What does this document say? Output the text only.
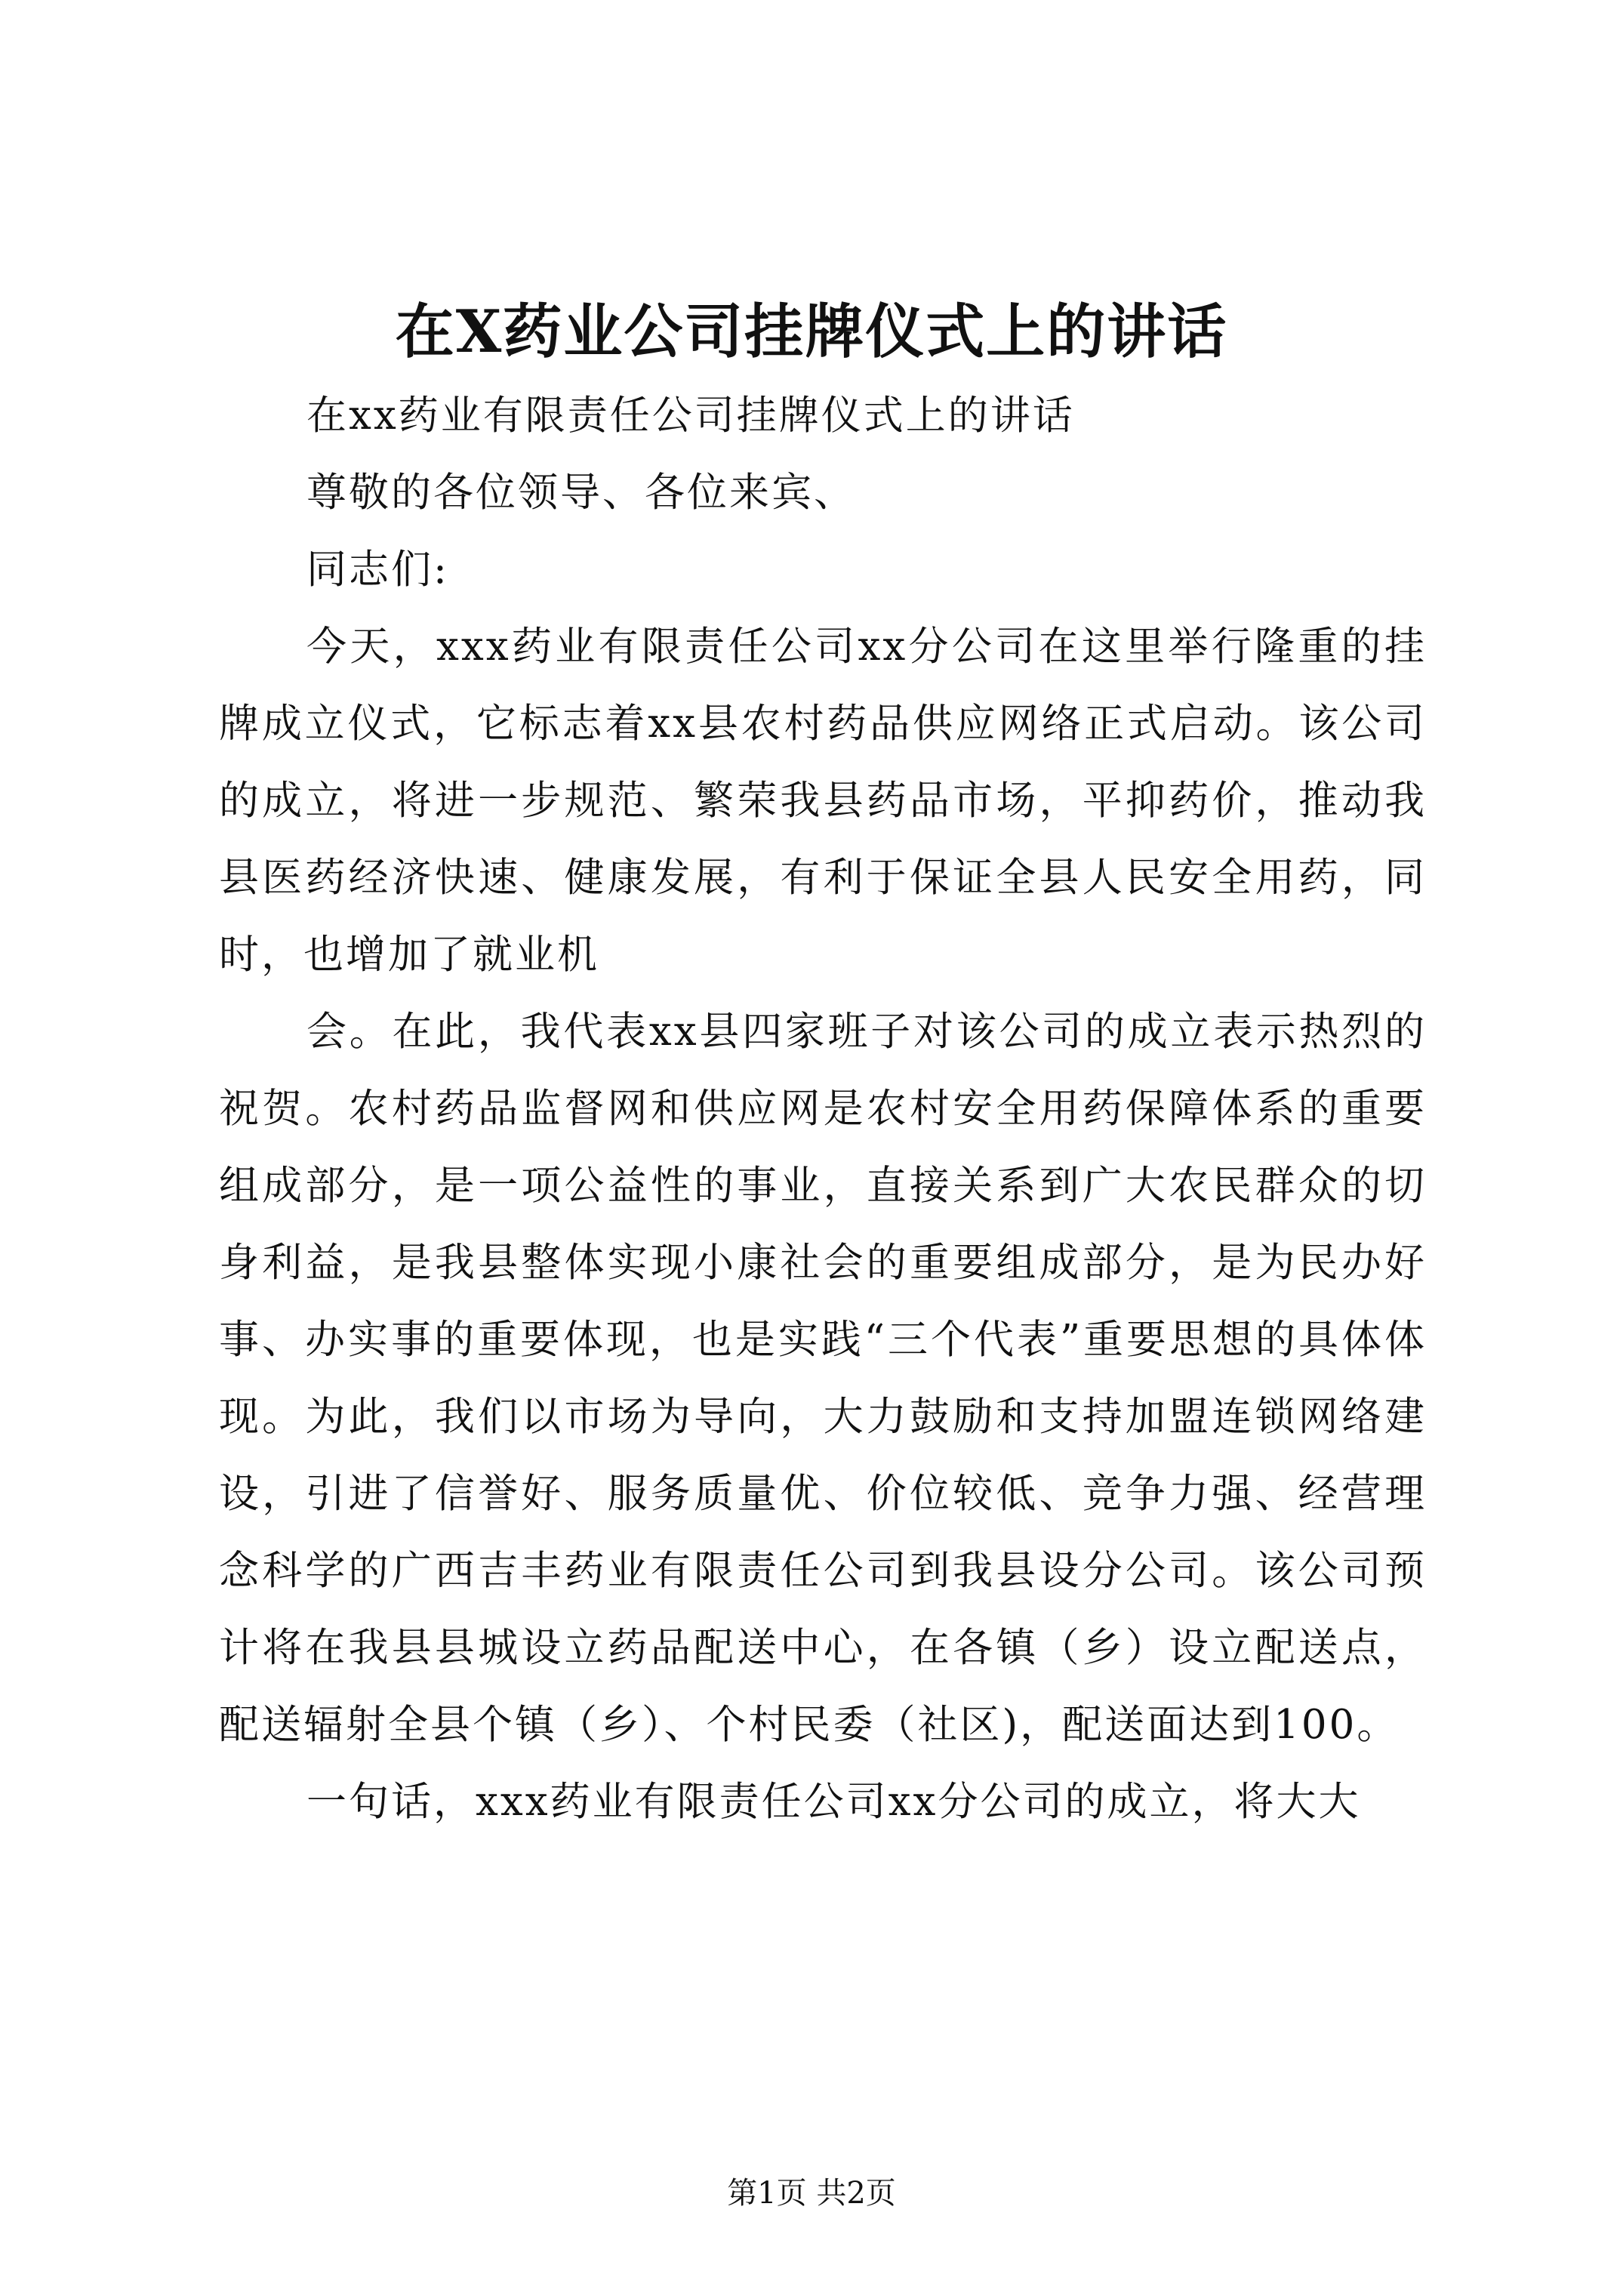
在X药业公司挂牌仪式上的讲话

在xx药业有限责任公司挂牌仪式上的讲话

尊敬的各位领导、各位来宾、

同志们:

今天，xxx药业有限责任公司xx分公司在这里举行隆重的挂牌成立仪式，它标志着xx县农村药品供应网络正式启动。该公司的成立，将进一步规范、繁荣我县药品市场，平抑药价，推动我县医药经济快速、健康发展，有利于保证全县人民安全用药，同时，也增加了就业机

会。在此，我代表xx县四家班子对该公司的成立表示热烈的祝贺。农村药品监督网和供应网是农村安全用药保障体系的重要组成部分，是一项公益性的事业，直接关系到广大农民群众的切身利益，是我县整体实现小康社会的重要组成部分，是为民办好事、办实事的重要体现，也是实践“三个代表”重要思想的具体体现。为此，我们以市场为导向，大力鼓励和支持加盟连锁网络建设，引进了信誉好、服务质量优、价位较低、竞争力强、经营理念科学的广西吉丰药业有限责任公司到我县设分公司。该公司预计将在我县县城设立药品配送中心，在各镇（乡）设立配送点，配送辐射全县个镇（乡）、个村民委（社区)，配送面达到100。

一句话，xxx药业有限责任公司xx分公司的成立，将大大

第1页 共2页
